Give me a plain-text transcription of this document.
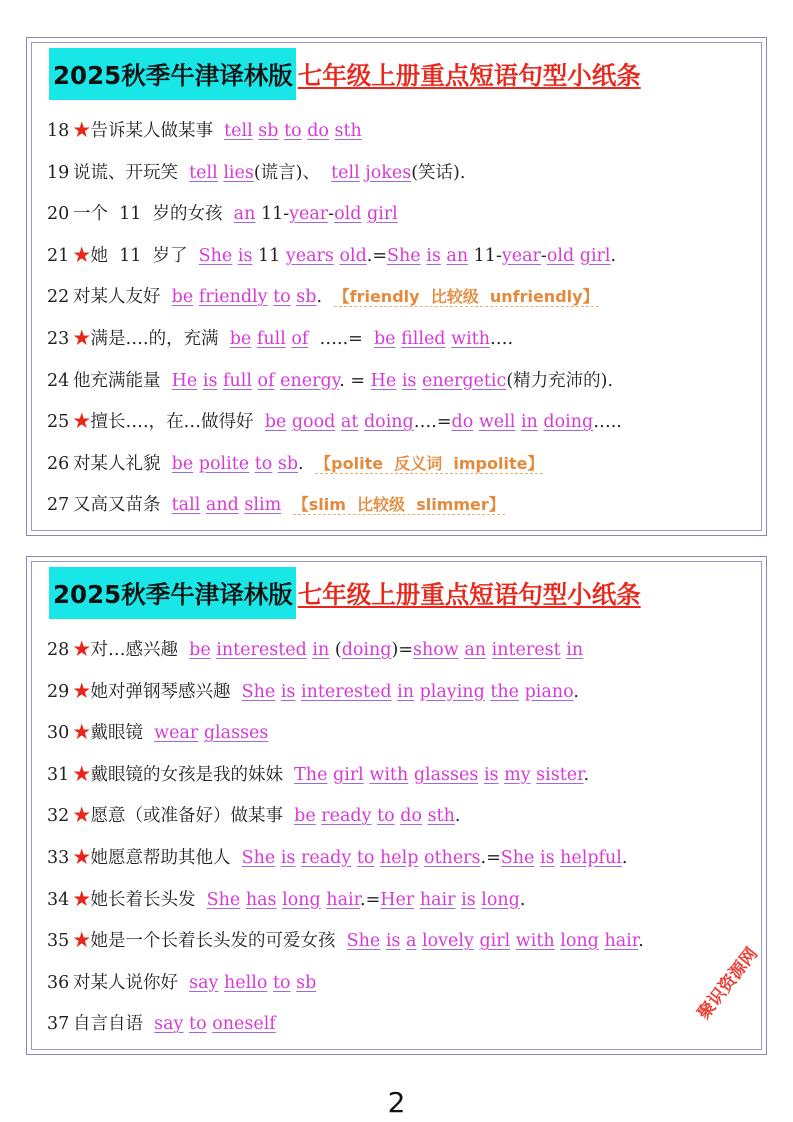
2025秋季牛津译林版 七年级上册重点短语句型小纸条
18 ★告诉某人做某事  tell sb to do sth
19 说谎、开玩笑  tell lies(谎言)、  tell jokes(笑话).
20 一个  11  岁的女孩  an 11-year-old girl
21 ★她  11  岁了  She is 11 years old.=She is an 11-year-old girl.
22 对某人友好  be friendly to sb. 【friendly  比较级  unfriendly】
23 ★满是….的，充满  be full of  …..=  be filled with….
24 他充满能量  He is full of energy. = He is energetic(精力充沛的).
25 ★擅长….，在…做得好  be good at doing….=do well in doing…..
26 对某人礼貌  be polite to sb. 【polite  反义词  impolite】
27 又高又苗条  tall and slim 【slim  比较级  slimmer】
2025秋季牛津译林版 七年级上册重点短语句型小纸条
28 ★对…感兴趣  be interested in (doing)=show an interest in
29 ★她对弹钢琴感兴趣  She is interested in playing the piano.
30 ★戴眼镜  wear glasses
31 ★戴眼镜的女孩是我的妹妹  The girl with glasses is my sister.
32 ★愿意（或准备好）做某事  be ready to do sth.
33 ★她愿意帮助其他人  She is ready to help others.=She is helpful.
34 ★她长着长头发  She has long hair.=Her hair is long.
35 ★她是一个长着长头发的可爱女孩  She is a lovely girl with long hair.
36 对某人说你好  say hello to sb
37 自言自语  say to oneself
聚识资源网
2
